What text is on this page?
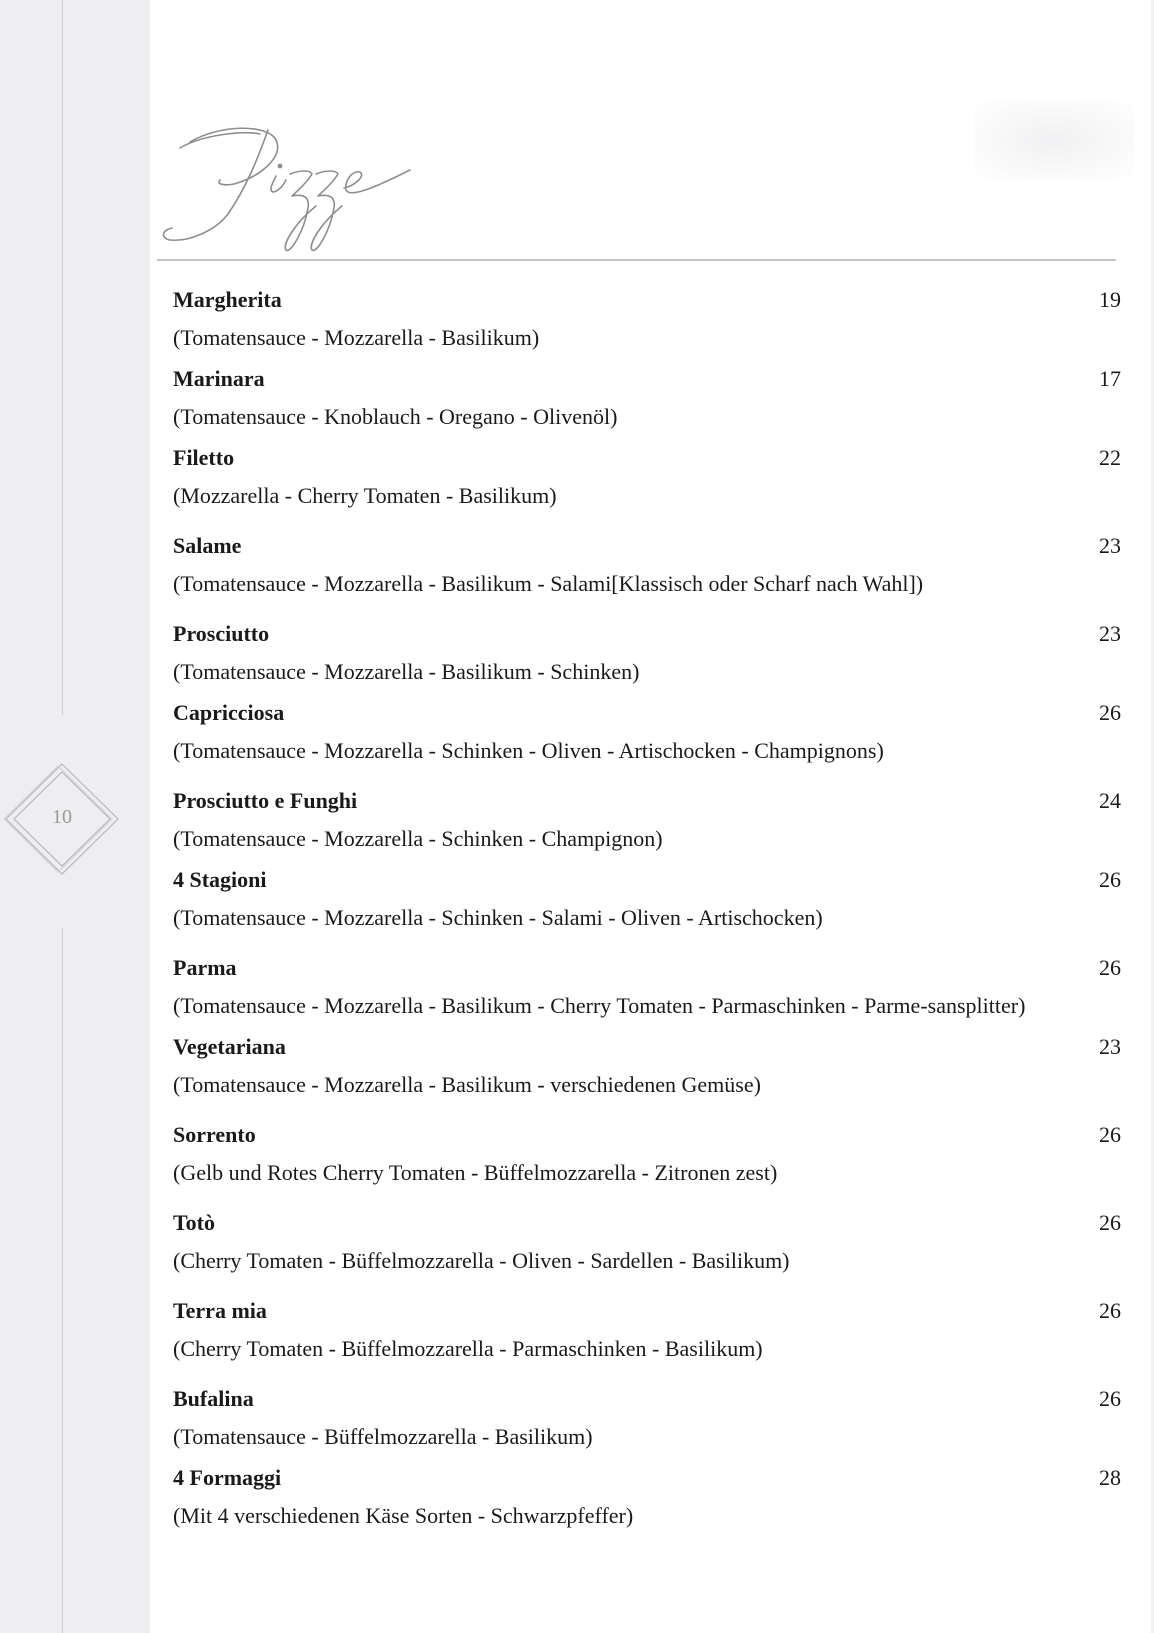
10
Margherita	19
(Tomatensauce - Mozzarella - Basilikum)
Marinara	17
(Tomatensauce - Knoblauch - Oregano - Olivenöl)
Filetto	22
(Mozzarella - Cherry Tomaten - Basilikum)
Salame	23
(Tomatensauce - Mozzarella - Basilikum - Salami[Klassisch oder Scharf nach Wahl])
Prosciutto	23
(Tomatensauce - Mozzarella - Basilikum - Schinken)
Capricciosa	26
(Tomatensauce - Mozzarella - Schinken - Oliven - Artischocken - Champignons)
Prosciutto e Funghi	24
(Tomatensauce - Mozzarella - Schinken - Champignon)
4 Stagioni	26
(Tomatensauce - Mozzarella - Schinken - Salami - Oliven - Artischocken)
Parma	26
(Tomatensauce - Mozzarella - Basilikum - Cherry Tomaten - Parmaschinken - Parme-sansplitter)
Vegetariana	23
(Tomatensauce - Mozzarella - Basilikum - verschiedenen Gemüse)
Sorrento	26
(Gelb und Rotes Cherry Tomaten - Büffelmozzarella - Zitronen zest)
Totò	26
(Cherry Tomaten - Büffelmozzarella - Oliven - Sardellen - Basilikum)
Terra mia	26
(Cherry Tomaten - Büffelmozzarella - Parmaschinken - Basilikum)
Bufalina	26
(Tomatensauce - Büffelmozzarella - Basilikum)
4 Formaggi	28
(Mit 4 verschiedenen Käse Sorten - Schwarzpfeffer)
